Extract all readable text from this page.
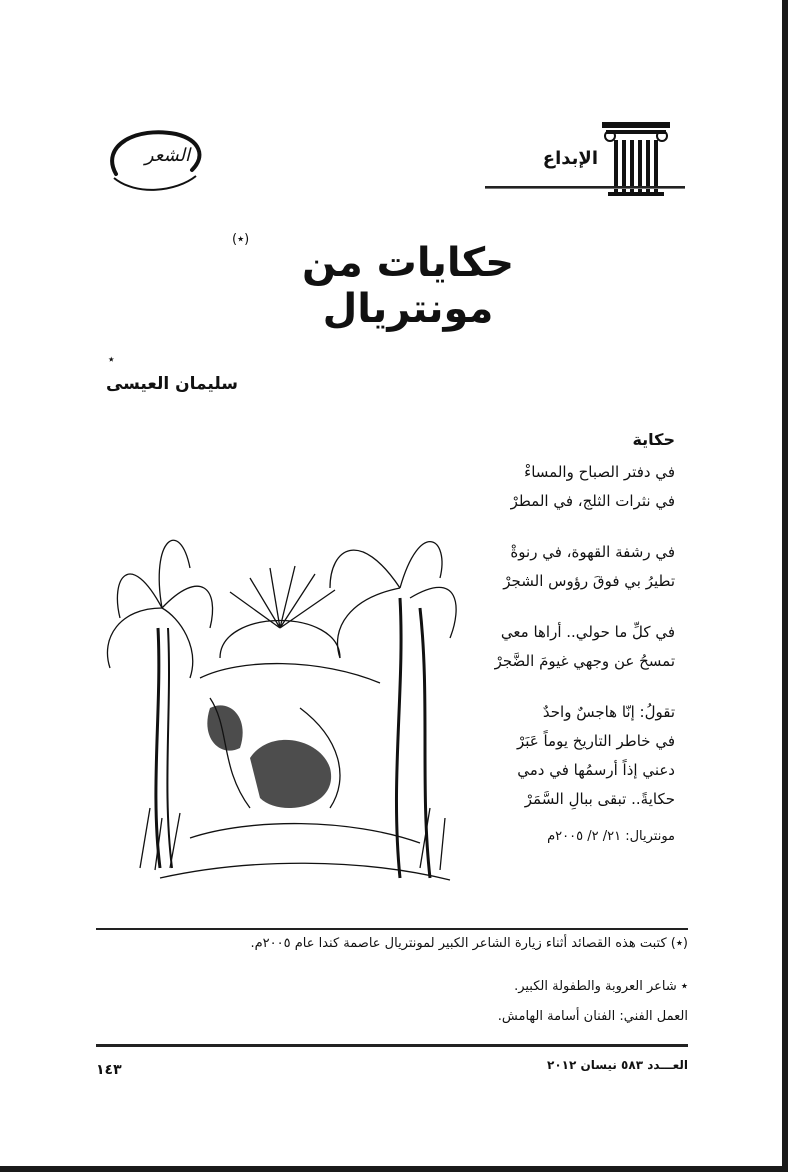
الإبداع
الشعر
حكايات من مونتريال
(٭)
٭
سليمان العيسى
حكاية
في دفتر الصباح والمساءْ
في نثرات الثلج، في المطرْ
في رشفة القهوة، في رنوةْ
تطيرُ بي فوقَ رؤوس الشجرْ
في كلِّ ما حولي.. أراها معي
تمسحُ عن وجهي غيومَ الضَّجرْ
تقولُ: إنّا هاجسٌ واحدٌ
في خاطر التاريخ يوماً عَبَرْ
دعني إذاً أرسمُها في دمي
حكايةً.. تبقى ببالِ السَّمَرْ
مونتريال: ٢١/ ٢/ ٢٠٠٥م
(٭) كتبت هذه القصائد أثناء زيارة الشاعر الكبير لمونتريال عاصمة كندا عام ٢٠٠٥م.
٭ شاعر العروبة والطفولة الكبير.
العمل الفني: الفنان أسامة الهامش.
العـــدد ٥٨٣ نيسان ٢٠١٢
١٤٣
